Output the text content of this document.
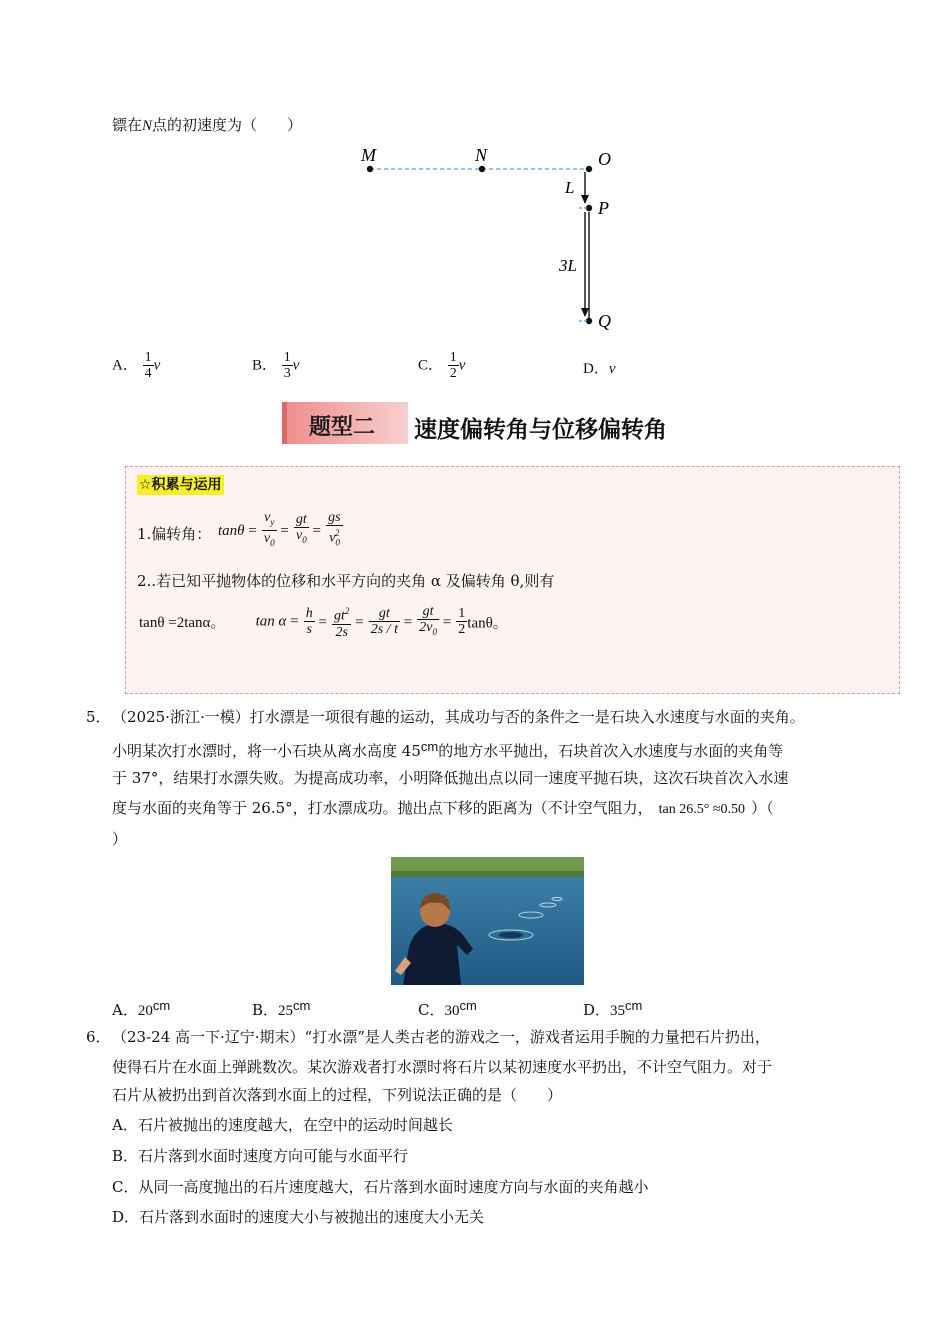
镖在N点的初速度为（　　）
M	N	O
P
Q
L
3L
A． $\frac{1}{4}$ v	B． $\frac{1}{3}$ v	C． $\frac{1}{2}$ v	D．v
题型二 速度偏转角与位移偏转角
☆积累与运用
1.偏转角： $\tan\theta = \frac{v_y}{v_0} = \frac{gt}{v_0} = \frac{gs}{v_0^2}$
2..若已知平抛物体的位移和水平方向的夹角 α 及偏转角 θ,则有
tanθ =2tanα。 $\tan \alpha = \frac{h}{s} = \frac{gt^2}{2s} = \frac{gt}{2s / t} = \frac{gt}{2v_0} = \frac{1}{2}$ tanθ。
5． （2025·浙江·一模）打水漂是一项很有趣的运动，其成功与否的条件之一是石块入水速度与水面的夹角。
小明某次打水漂时，将一小石块从离水高度 45cm的地方水平抛出，石块首次入水速度与水面的夹角等
于 37°，结果打水漂失败。为提高成功率，小明降低抛出点以同一速度平抛石块，这次石块首次入水速
度与水面的夹角等于 26.5°，打水漂成功。抛出点下移的距离为（不计空气阻力， tan 26.5° ≈0.50 ）（
）
A．20cm	B．25cm	C．30cm	D．35cm
6． （23-24 高一下·辽宁·期末）“打水漂”是人类古老的游戏之一，游戏者运用手腕的力量把石片扔出，
使得石片在水面上弹跳数次。某次游戏者打水漂时将石片以某初速度水平扔出，不计空气阻力。对于
石片从被扔出到首次落到水面上的过程，下列说法正确的是（　　）
A．石片被抛出的速度越大，在空中的运动时间越长
B．石片落到水面时速度方向可能与水面平行
C．从同一高度抛出的石片速度越大，石片落到水面时速度方向与水面的夹角越小
D．石片落到水面时的速度大小与被抛出的速度大小无关
